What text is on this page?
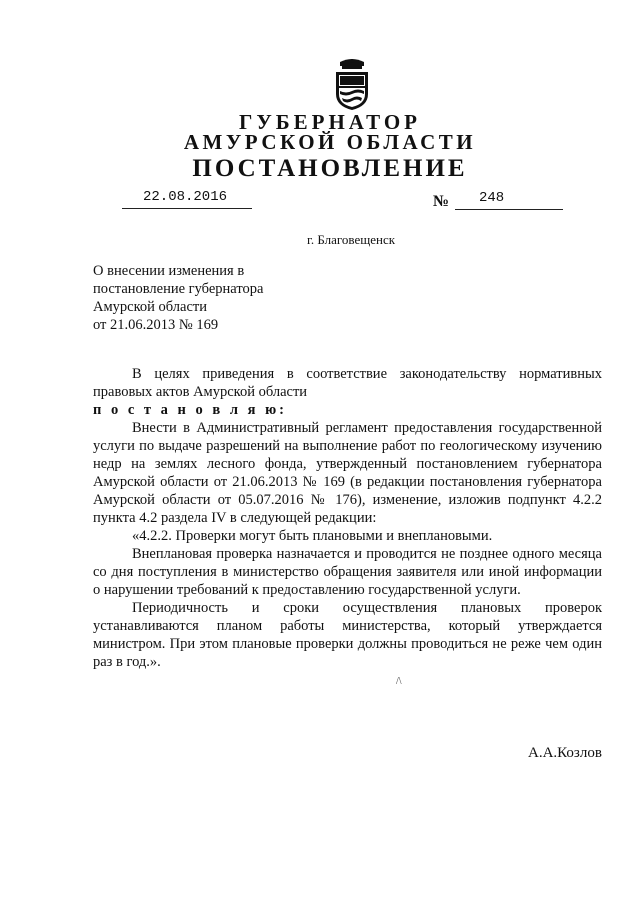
ГУБЕРНАТОР
АМУРСКОЙ ОБЛАСТИ
ПОСТАНОВЛЕНИЕ
22.08.2016	№ 248
г. Благовещенск
О внесении изменения в
постановление губернатора
Амурской области
от 21.06.2013 № 169

В целях приведения в соответствие законодательству нормативных правовых актов Амурской области

п о с т а н о в л я ю:

Внести в Административный регламент предоставления государственной услуги по выдаче разрешений на выполнение работ по геологическому изучению недр на землях лесного фонда, утвержденный постановлением губернатора Амурской области от 21.06.2013 № 169 (в редакции постановления губернатора Амурской области от 05.07.2016 № 176), изменение, изложив подпункт 4.2.2 пункта 4.2 раздела IV в следующей редакции:

«4.2.2. Проверки могут быть плановыми и внеплановыми.

Внеплановая проверка назначается и проводится не позднее одного месяца со дня поступления в министерство обращения заявителя или иной информации о нарушении требований к предоставлению государственной услуги.

Периодичность и сроки осуществления плановых проверок устанавливаются планом работы министерства, который утверждается министром. При этом плановые проверки должны проводиться не реже чем один раз в год.».

/\
А.А.Козлов
